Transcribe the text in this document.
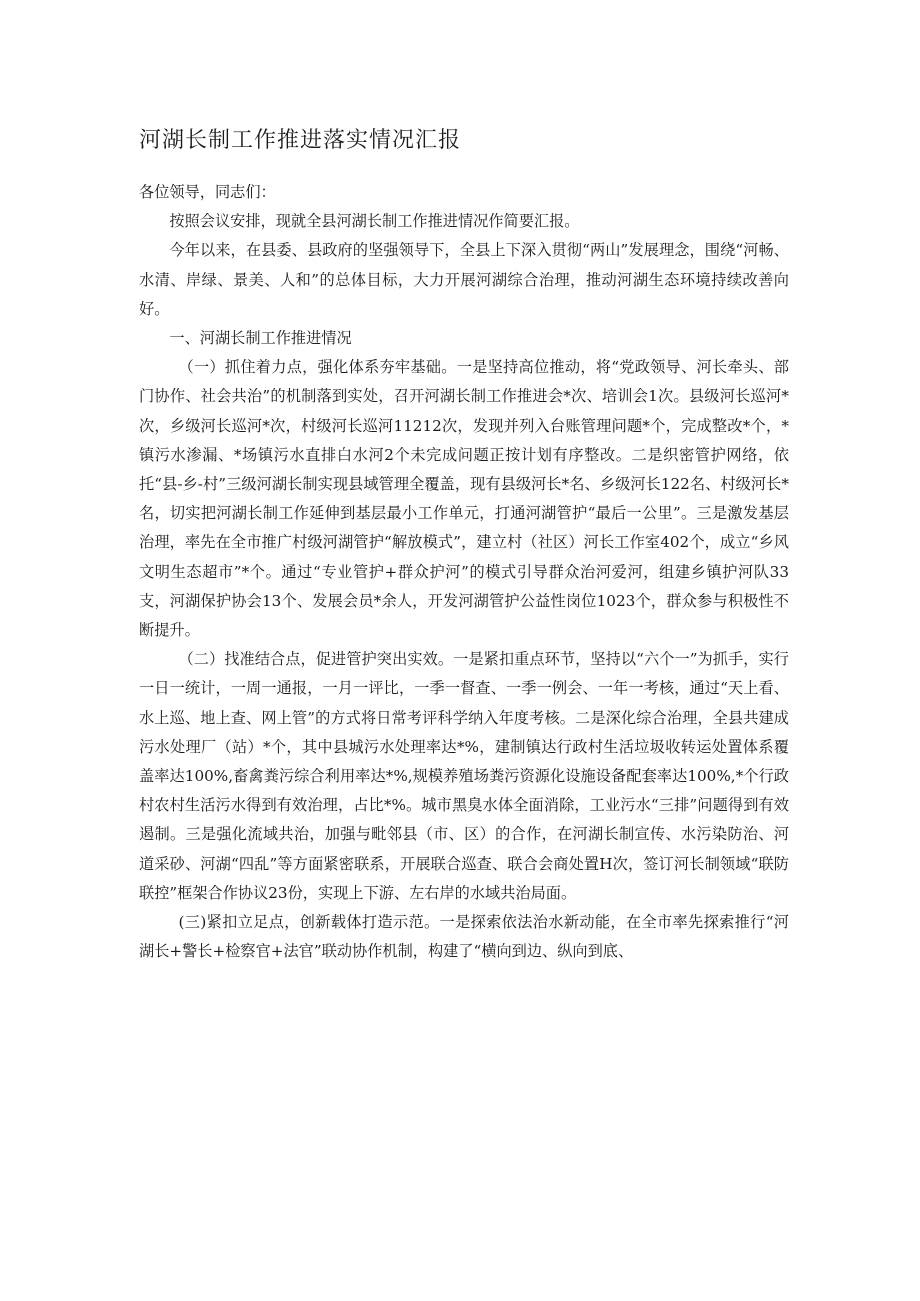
河湖长制工作推进落实情况汇报

各位领导，同志们：

按照会议安排，现就全县河湖长制工作推进情况作简要汇报。

今年以来，在县委、县政府的坚强领导下，全县上下深入贯彻“两山”发展理念，围绕“河畅、水清、岸绿、景美、人和”的总体目标，大力开展河湖综合治理，推动河湖生态环境持续改善向好。

一、河湖长制工作推进情况

（一）抓住着力点，强化体系夯牢基础。一是坚持高位推动，将“党政领导、河长牵头、部门协作、社会共治”的机制落到实处，召开河湖长制工作推进会*次、培训会1次。县级河长巡河*次，乡级河长巡河*次，村级河长巡河11212次，发现并列入台账管理问题*个，完成整改*个，*镇污水渗漏、*场镇污水直排白水河2个未完成问题正按计划有序整改。二是织密管护网络，依托“县-乡-村”三级河湖长制实现县域管理全覆盖，现有县级河长*名、乡级河长122名、村级河长*名，切实把河湖长制工作延伸到基层最小工作单元，打通河湖管护“最后一公里”。三是激发基层治理，率先在全市推广村级河湖管护“解放模式”，建立村（社区）河长工作室402个，成立“乡风文明生态超市”*个。通过“专业管护+群众护河”的模式引导群众治河爱河，组建乡镇护河队33支，河湖保护协会13个、发展会员*余人，开发河湖管护公益性岗位1023个，群众参与积极性不断提升。

（二）找准结合点，促进管护突出实效。一是紧扣重点环节，坚持以“六个一”为抓手，实行一日一统计，一周一通报，一月一评比，一季一督查、一季一例会、一年一考核，通过“天上看、水上巡、地上查、网上管”的方式将日常考评科学纳入年度考核。二是深化综合治理，全县共建成污水处理厂（站）*个，其中县城污水处理率达*%，建制镇达行政村生活垃圾收转运处置体系覆盖率达100%,畜禽粪污综合利用率达*%,规模养殖场粪污资源化设施设备配套率达100%,*个行政村农村生活污水得到有效治理，占比*%。城市黑臭水体全面消除，工业污水“三排”问题得到有效遏制。三是强化流域共治，加强与毗邻县（市、区）的合作，在河湖长制宣传、水污染防治、河道采砂、河湖“四乱”等方面紧密联系，开展联合巡查、联合会商处置H次，签订河长制领域“联防联控”框架合作协议23份，实现上下游、左右岸的水域共治局面。

(三)紧扣立足点，创新载体打造示范。一是探索依法治水新动能，在全市率先探索推行“河湖长+警长+检察官+法官”联动协作机制，构建了“横向到边、纵向到底、
